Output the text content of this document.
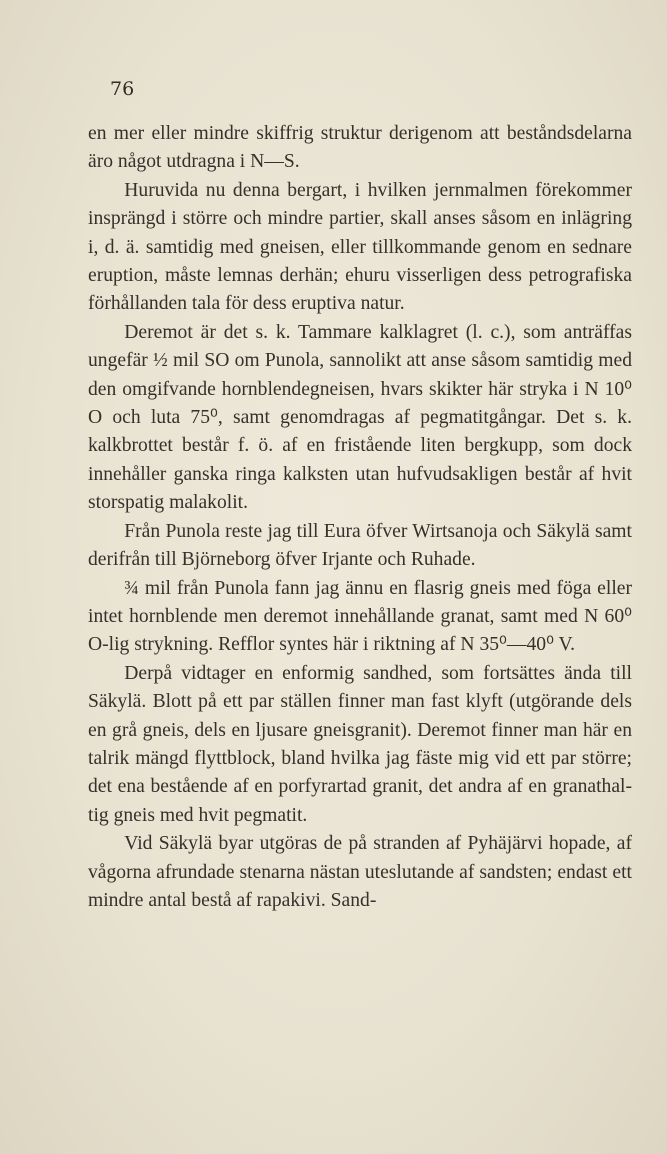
76

en mer eller mindre skiffrig struktur derigenom att beståndsdelarna äro något utdragna i N—S.

Huruvida nu denna bergart, i hvilken jernmalmen förekommer insprängd i större och mindre partier, skall anses såsom en inlägring i, d. ä. samtidig med gneisen, eller tillkommande genom en sednare eruption, måste lemnas derhän; ehuru visserligen dess petrografiska förhållanden tala för dess eruptiva natur.

Deremot är det s. k. Tammare kalklagret (l. c.), som anträffas ungefär ½ mil SO om Punola, sannolikt att anse såsom samtidig med den omgifvande hornblendegneisen, hvars skikter här stryka i N 10⁰ O och luta 75⁰, samt genomdragas af pegmatitgångar. Det s. k. kalkbrottet består f. ö. af en fristående liten bergkupp, som dock innehåller ganska ringa kalksten utan hufvudsakligen består af hvit storspatig malakolit.

Från Punola reste jag till Eura öfver Wirtsanoja och Säkylä samt derifrån till Björneborg öfver Irjante och Ruhade.

¾ mil från Punola fann jag ännu en flasrig gneis med föga eller intet hornblende men deremot innehållande granat, samt med N 60⁰ O-lig strykning. Refflor syntes här i riktning af N 35⁰—40⁰ V.

Derpå vidtager en enformig sandhed, som fortsättes ända till Säkylä. Blott på ett par ställen finner man fast klyft (utgörande dels en grå gneis, dels en ljusare gneisgranit). Deremot finner man här en talrik mängd flyttblock, bland hvilka jag fäste mig vid ett par större; det ena bestående af en porfyrartad granit, det andra af en granathaltig gneis med hvit pegmatit.

Vid Säkylä byar utgöras de på stranden af Pyhäjärvi hopade, af vågorna afrundade stenarna nästan uteslutande af sandsten; endast ett mindre antal bestå af rapakivi. Sand-
